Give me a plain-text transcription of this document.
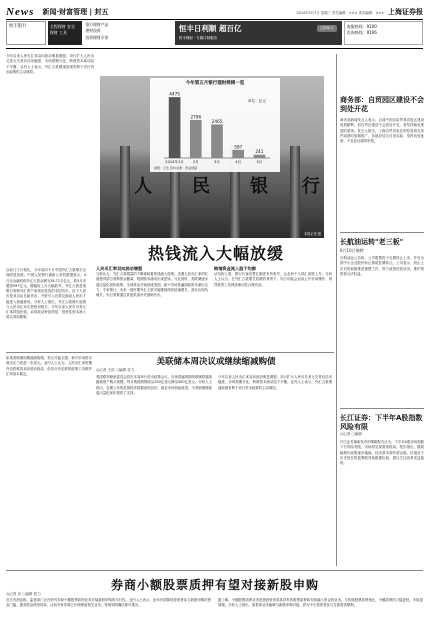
News 新闻·财富管理 | 封五	2014年5月7日 星期三 责任编辑：××× 美术编辑：××× 上海证券报
恒丰银行	全程理财 安全 理财 工具
银行理财产品
理财投资
投资理财专家
恒丰日利顺 超百亿
恒丰理财 · 专属订制服务
立即参与	客服热线：9100
咨询热线：9106
今年以来人民币汇率双向波动明显增强，央行扩大人民币兑美元交易价浮动幅度，市场预期分化，跨境资本流动趋于平衡。业内人士表示，外汇占款增速放缓有利于央行货币政策的主动调控。
人 民 银 行
本报记者 摄
今年第五月银行理财规模一览
4475
2014年1月
2796
2月
2465
3月
597
4月
241
5月
单位：亿元
制图：王浩 资料来源：普益财富
商务部：自贸园区建设不会到处开花
商务部新闻发言人表示，目前中国自由贸易试验区建设进展顺利，但自贸区建设不会到处开花，将坚持稳妥推进的原则。发言人指出，上海自贸试验区的经验将在条件成熟时复制推广，各地应结合自身实际，发挥比较优势，不宜盲目跟风申报。
长航油运转"老三板"
6月10日摘牌
长航油运公告称，公司股票将于近期终止上市，并在全国中小企业股份转让系统挂牌转让。公司表示，终止上市后将积极推进重整工作，努力改善经营状况，维护投资者合法权益。
长江证券：下半年A股指数风险有限
◎记者 ○编辑
长江证券最新发布的策略报告认为，下半年A股市场指数下行风险有限，市场将呈现震荡格局。报告指出，随着稳增长政策逐步落地，经济基本面有望企稳，估值处于历史低位的蓝筹股具备配置价值，建议关注改革受益板块。
热钱流入大幅放缓
以前几个月相比，今年前四个月中国外汇占款增长出现明显放缓。中国人民银行最新公布的数据显示，4月末金融机构外汇占款余额为28.71万亿元，较3月末增加597亿元，增幅较上月大幅收窄。外汇占款是指银行收购外汇资产而相应投放的本国货币，由于人民币是非自由兑换货币，外资引入后需兑换成人民币才能进入流通使用。分析人士指出，外汇占款增长放缓与人民币汇率走势密切相关，今年以来人民币对美元汇率持续贬值，双向波动特征明显，投机性资本流入势头得到遏制。
人民币汇率双向波动增强
分析认为，外汇占款增量的下降意味着热钱流入放缓。近期人民币汇率的贬值使得部分套利资金撤离，短期资本流动出现逆转。与此同时，美联储逐步退出量化宽松政策，全球资金开始回流美国，新兴市场普遍面临资本流出压力。专家预计，未来一段时期外汇占款可能继续保持低速增长，甚至出现负增长，央行需要通过其他渠道补充基础货币。
跨境资金流入趋于均衡
从结构上看，银行代客结售汇顺差有所收窄，企业和个人持汇意愿上升。分析人士认为，在外汇占款增长放缓的背景下，央行可能会运用公开市场操作、再贷款等工具保持流动性合理充裕。
如果美联储如期缩减购债，美元可能走强，新兴市场资本流出压力将进一步加大。业内人士认为，人民币汇率短期内仍将维持双向波动格局，但央行有足够的政策工具维护汇率基本稳定。
美联储本周决议或继续缩减购债
◎记者 王浩 ○编辑 张力
美国联邦储备委员会将在本周举行货币政策会议，市场普遍预期美联储将继续缩减资产购买规模，每月购债规模或从550亿美元降至450亿美元。分析人士指出，近期公布的美国经济数据表现良好，就业市场持续改善，为美联储继续退出量化宽松提供了支持。
今年以来人民币汇率双向波动明显增强，央行扩大人民币兑美元交易价浮动幅度，市场预期分化，跨境资本流动趋于平衡。业内人士表示，外汇占款增速放缓有利于央行货币政策的主动调控。
券商小额股票质押有望对接新股申购
◎记者 吴 ○编辑 张力
近日有消息称，监管部门正在研究券商小额股票质押业务对接新股申购的可行性。业内人士表示，此举有望降低投资者参与新股申购的资金门槛，提高资金使用效率。目前多家券商已开始筹备相关业务，待规则明确后即可推出。
据了解，小额股票质押业务是指投资者将其持有的股票质押给券商融入资金的业务。与传统股票质押相比，小额质押的门槛更低，手续更简便。分析人士指出，如果该业务能够与新股申购对接，将为中小投资者参与打新提供便利。
